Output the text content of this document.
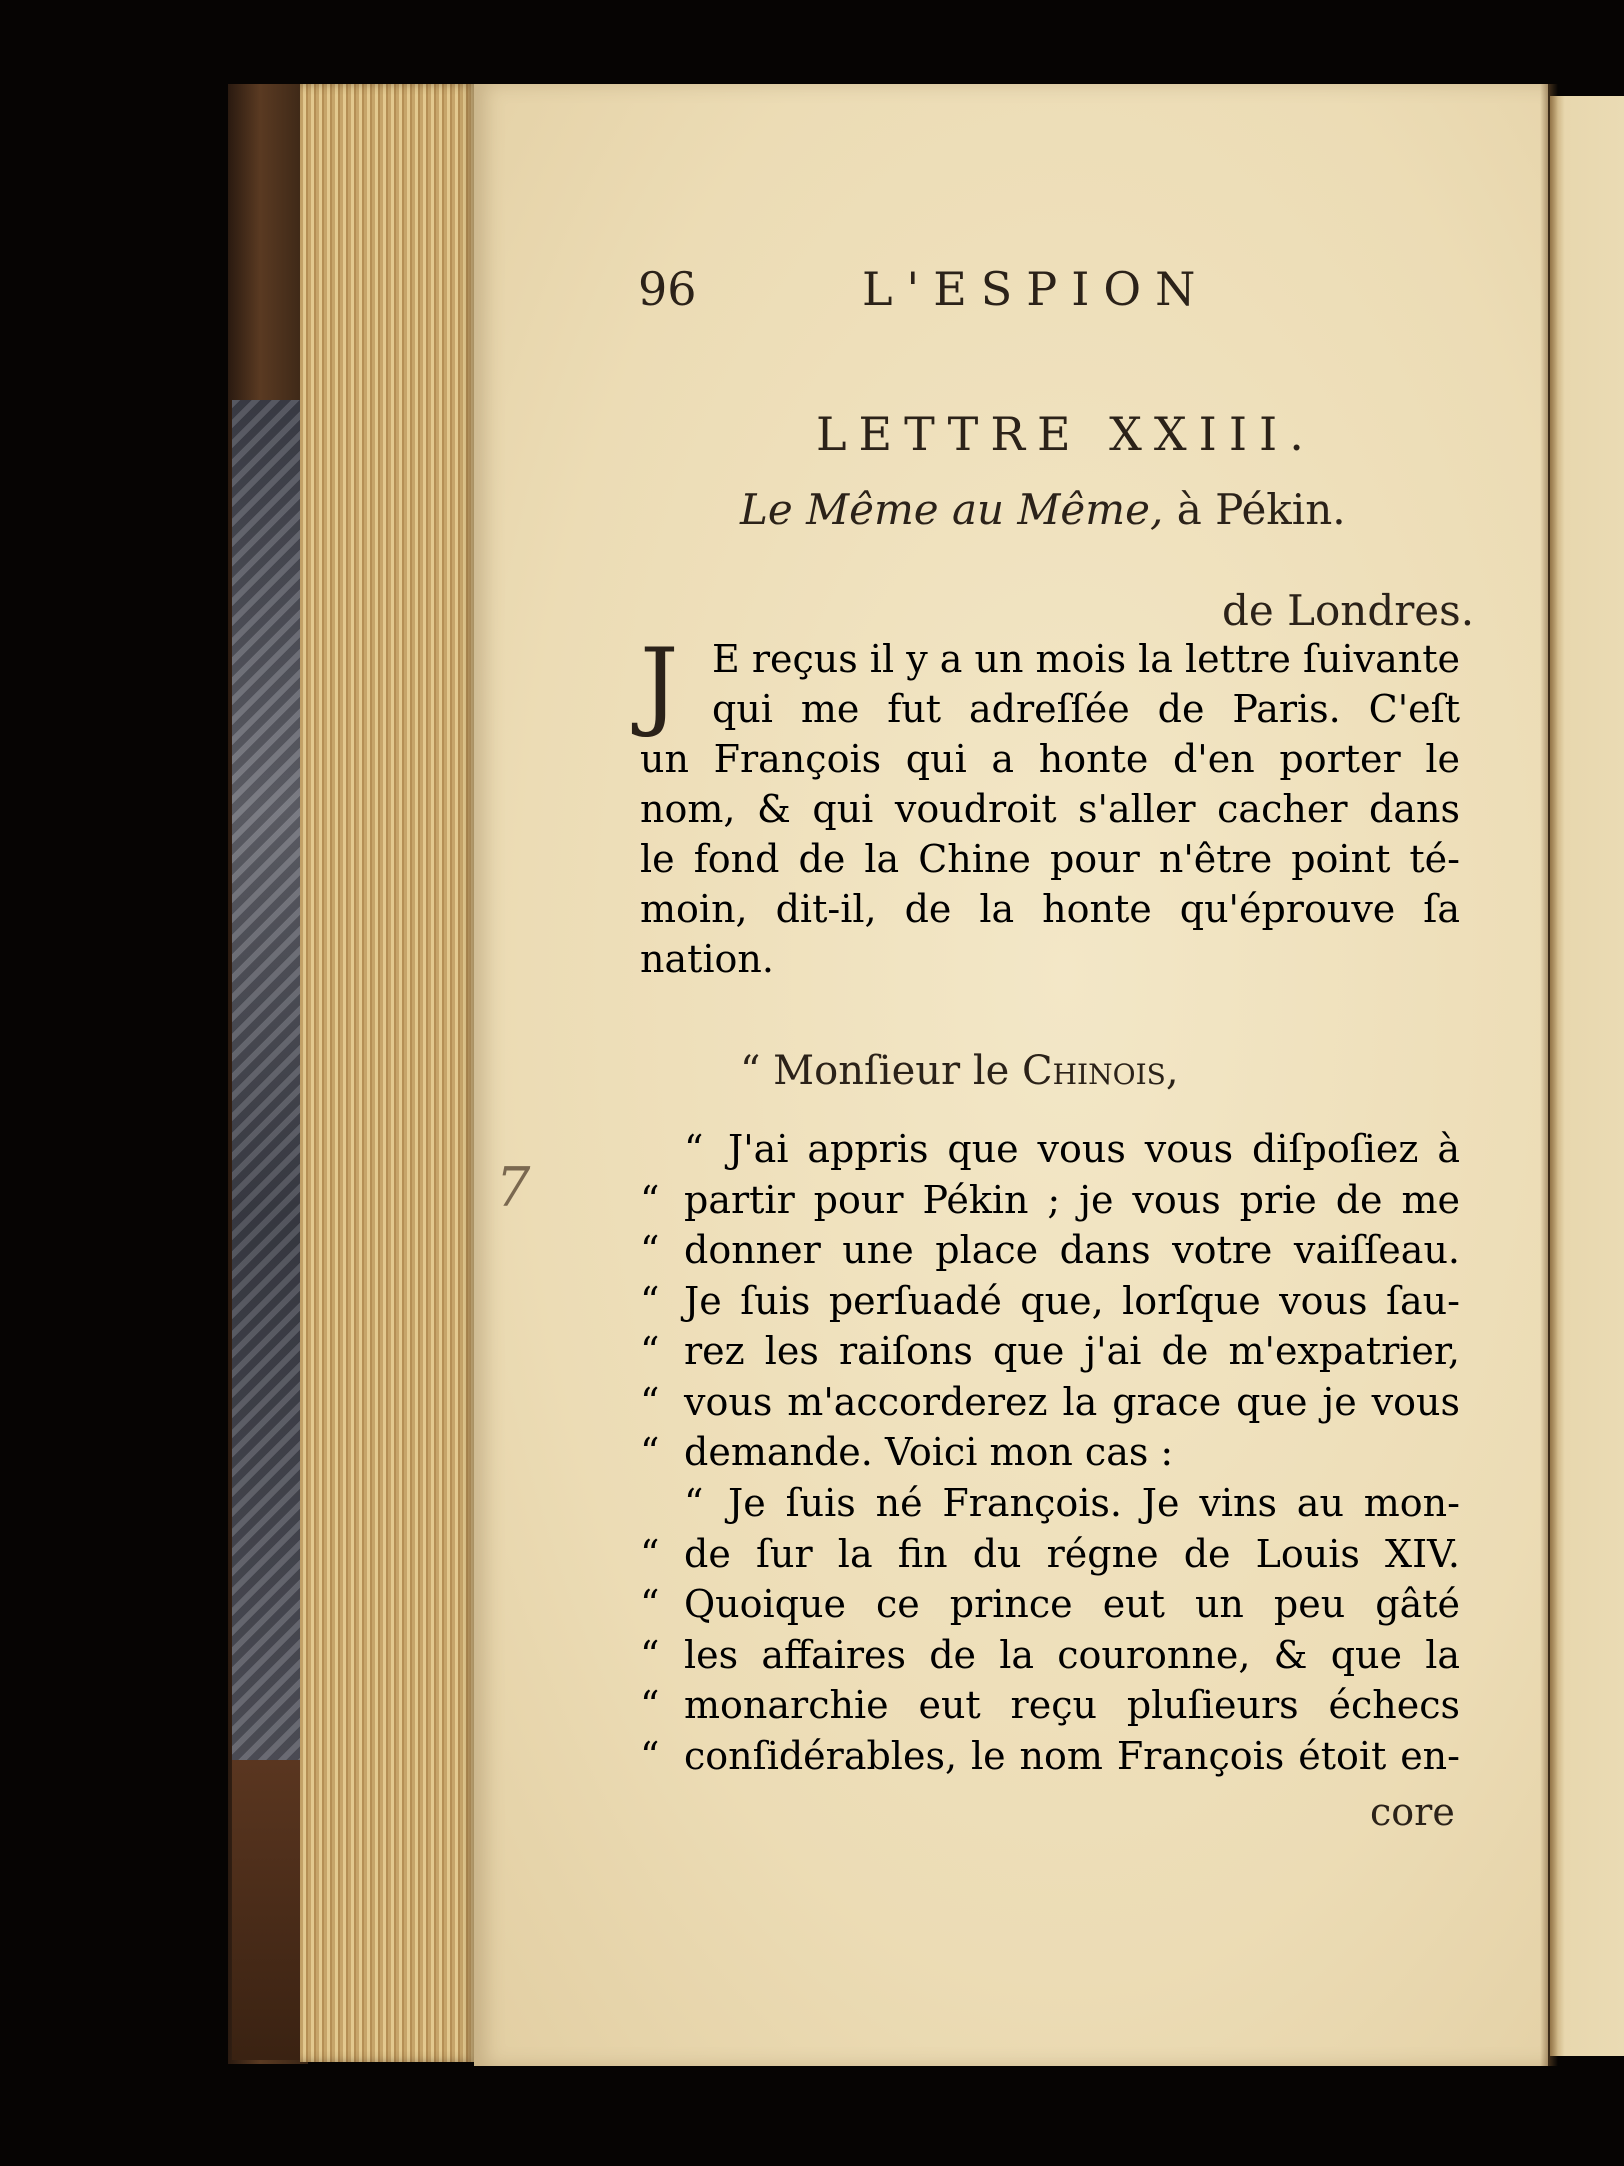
96	L'ESPION
LETTRE XXIII.
Le Même au Même, à Pékin.
de Londres.
J E reçus il y a un mois la lettre ſuivante
qui me fut adreſſée de Paris. C'eſt
un François qui a honte d'en porter le
nom, & qui voudroit s'aller cacher dans
le fond de la Chine pour n'être point té-
moin, dit-il, de la honte qu'éprouve ſa
nation.
“ Monſieur le Chinois,
“ J'ai appris que vous vous diſpoſiez à
“ partir pour Pékin ; je vous prie de me
“ donner une place dans votre vaiſſeau.
“ Je ſuis perſuadé que, lorſque vous ſau-
“ rez les raiſons que j'ai de m'expatrier,
“ vous m'accorderez la grace que je vous
“ demande. Voici mon cas :
“ Je ſuis né François. Je vins au mon-
“ de ſur la fin du régne de Louis XIV.
“ Quoique ce prince eut un peu gâté
“ les affaires de la couronne, & que la
“ monarchie eut reçu pluſieurs échecs
“ conſidérables, le nom François étoit en-
core
7
